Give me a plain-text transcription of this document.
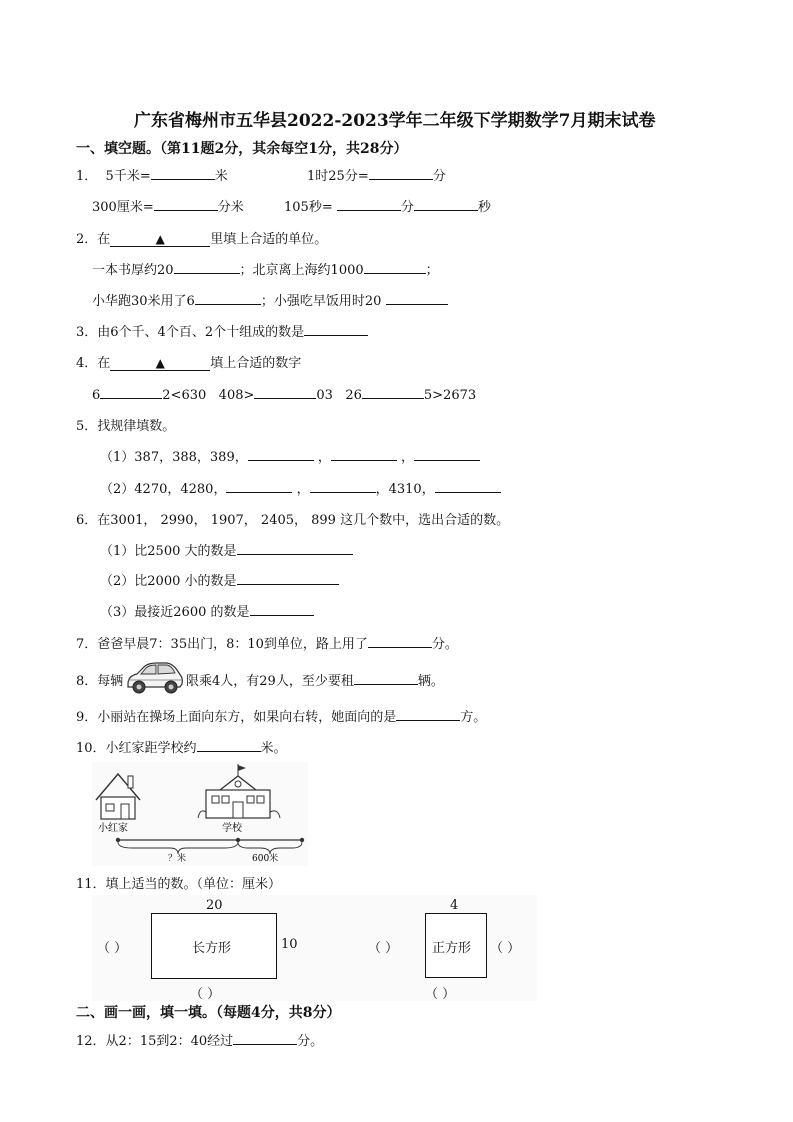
广东省梅州市五华县2022-2023学年二年级下学期数学7月期末试卷
一、填空题。（第11题2分，其余每空1分，共28分）
1． 5千米=	米	1时25分=	分
300厘米=	分米	105秒=	分	秒
2．在	▲	里填上合适的单位。
一本书厚约20	；北京离上海约1000	；
小华跑30米用了6	；小强吃早饭用时20
3．由6个千、4个百、2个十组成的数是
4．在	▲	填上合适的数字
6	2<630 408>	03 26	5>2673
5．找规律填数。
（1）387，388，389，	，	，
（2）4270，4280，	，	，4310，
6．在3001， 2990， 1907， 2405， 899 这几个数中，选出合适的数。
（1）比2500 大的数是
（2）比2000 小的数是
（3）最接近2600 的数是
7．爸爸早晨7：35出门，8：10到单位，路上用了	分。
8．每辆	限乘4人，有29人，至少要租	辆。
9．小丽站在操场上面向东方，如果向右转，她面向的是	方。
10．小红家距学校约	米。
小红家	学校
？米	600米
11．填上适当的数。（单位：厘米）
20
长方形	10
（ ）
（ ）
4
正方形
（ ）	（ ）
（ ）
二、画一画，填一填。（每题4分，共8分）
12．从2：15到2：40经过	分。
